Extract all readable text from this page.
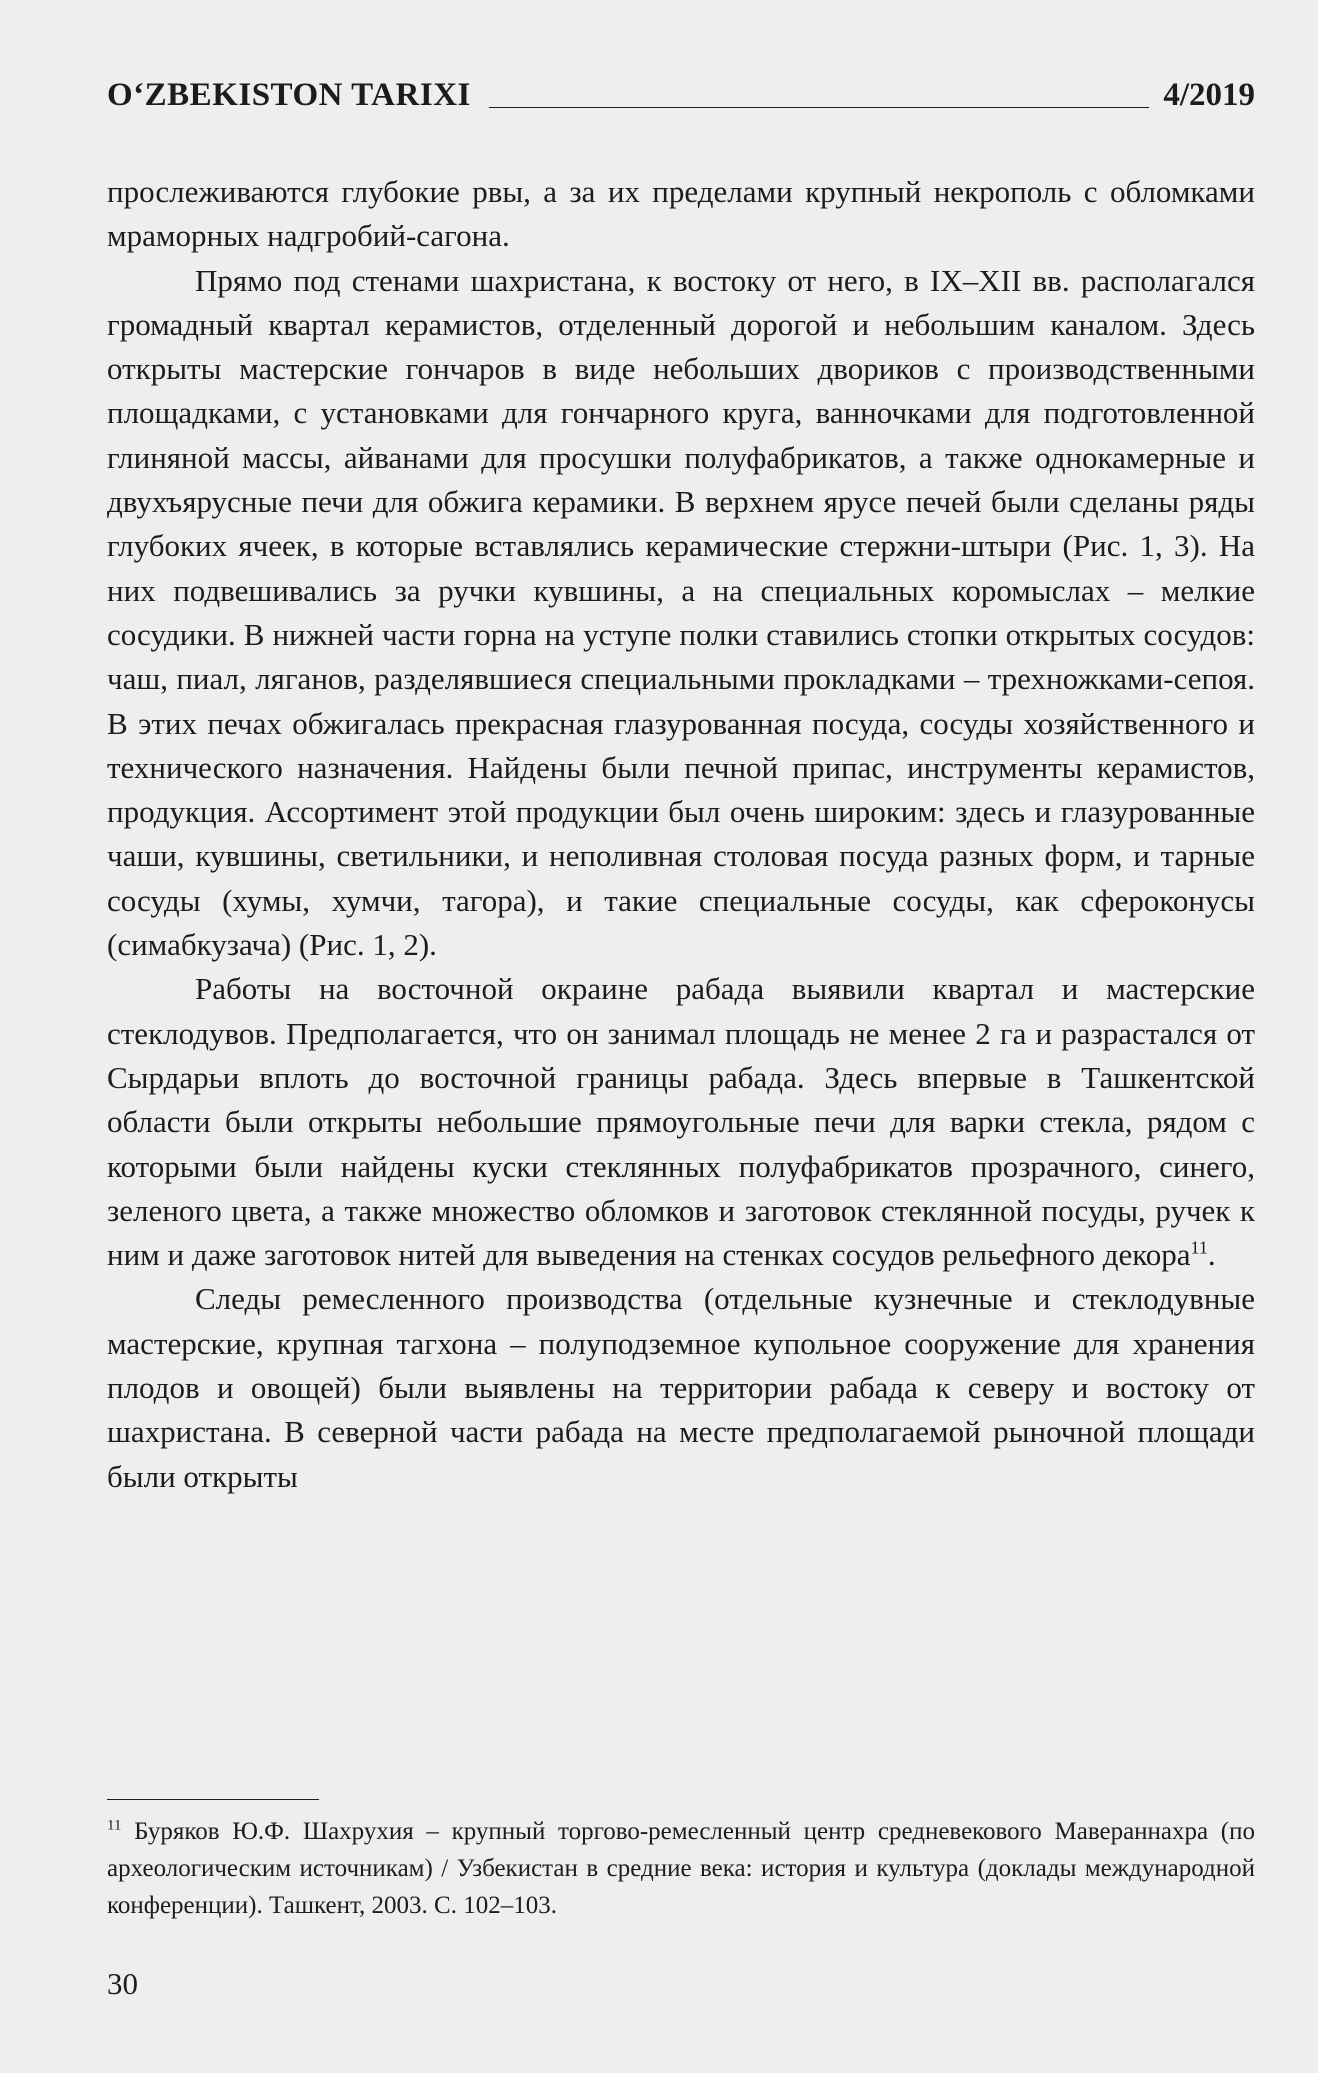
O‘ZBEKISTON TARIXI	4/2019

прослеживаются глубокие рвы, а за их пределами крупный некрополь с обломками мраморных надгробий-сагона.

Прямо под стенами шахристана, к востоку от него, в IX–XII вв. располагался громадный квартал керамистов, отделенный дорогой и небольшим каналом. Здесь открыты мастерские гончаров в виде небольших двориков с производственными площадками, с установками для гончарного круга, ванночками для подготовленной глиняной массы, айванами для просушки полуфабрикатов, а также однокамерные и двухъярусные печи для обжига керамики. В верхнем ярусе печей были сделаны ряды глубоких ячеек, в которые вставлялись керамические стержни-штыри (Рис. 1, 3). На них подвешивались за ручки кувшины, а на специальных коромыслах – мелкие сосудики. В нижней части горна на уступе полки ставились стопки открытых сосудов: чаш, пиал, ляганов, разделявшиеся специальными прокладками – трехножками-сепоя. В этих печах обжигалась прекрасная глазурованная посуда, сосуды хозяйственного и технического назначения. Найдены были печной припас, инструменты керамистов, продукция. Ассортимент этой продукции был очень широким: здесь и глазурованные чаши, кувшины, светильники, и неполивная столовая посуда разных форм, и тарные сосуды (хумы, хумчи, тагора), и такие специальные сосуды, как сфероконусы (симабкузача) (Рис. 1, 2).

Работы на восточной окраине рабада выявили квартал и мастерские стеклодувов. Предполагается, что он занимал площадь не менее 2 га и разрастался от Сырдарьи вплоть до восточной границы рабада. Здесь впервые в Ташкентской области были открыты небольшие прямоугольные печи для варки стекла, рядом с которыми были найдены куски стеклянных полуфабрикатов прозрачного, синего, зеленого цвета, а также множество обломков и заготовок стеклянной посуды, ручек к ним и даже заготовок нитей для выведения на стенках сосудов рельефного декора$^{11}$.

Следы ремесленного производства (отдельные кузнечные и стеклодувные мастерские, крупная тагхона – полуподземное купольное сооружение для хранения плодов и овощей) были выявлены на территории рабада к северу и востоку от шахристана. В северной части рабада на месте предполагаемой рыночной площади были открыты

$^{11}$ Буряков Ю.Ф. Шахрухия – крупный торгово-ремесленный центр средневекового Мавераннахра (по археологическим источникам) / Узбекистан в средние века: история и культура (доклады международной конференции). Ташкент, 2003. С. 102–103.

30
